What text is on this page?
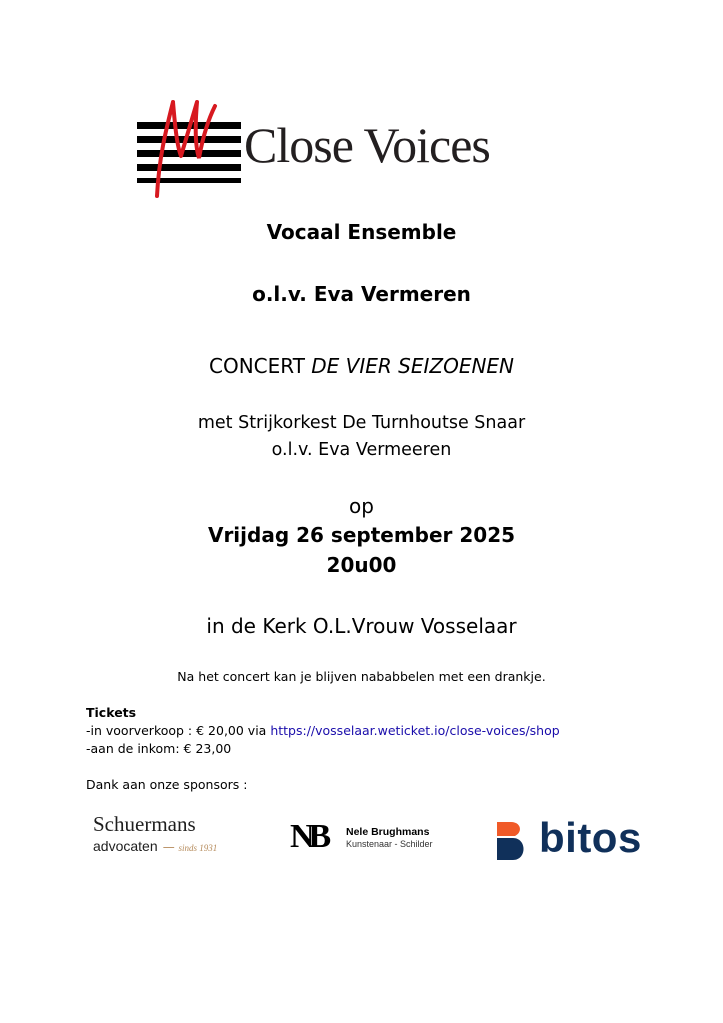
Close Voices
Vocaal Ensemble
o.l.v. Eva Vermeren
CONCERT DE VIER SEIZOENEN
met Strijkorkest De Turnhoutse Snaar
o.l.v. Eva Vermeeren
op
Vrijdag 26 september 2025
20u00
in de Kerk O.L.Vrouw Vosselaar
Na het concert kan je blijven nababbelen met een drankje.
Tickets
-in voorverkoop : € 20,00 via https://vosselaar.weticket.io/close-voices/shop
-aan de inkom: € 23,00
Dank aan onze sponsors :
Schuermans
advocaten — sinds 1931 NB Nele Brughmans
Kunstenaar - Schilder	bitos
